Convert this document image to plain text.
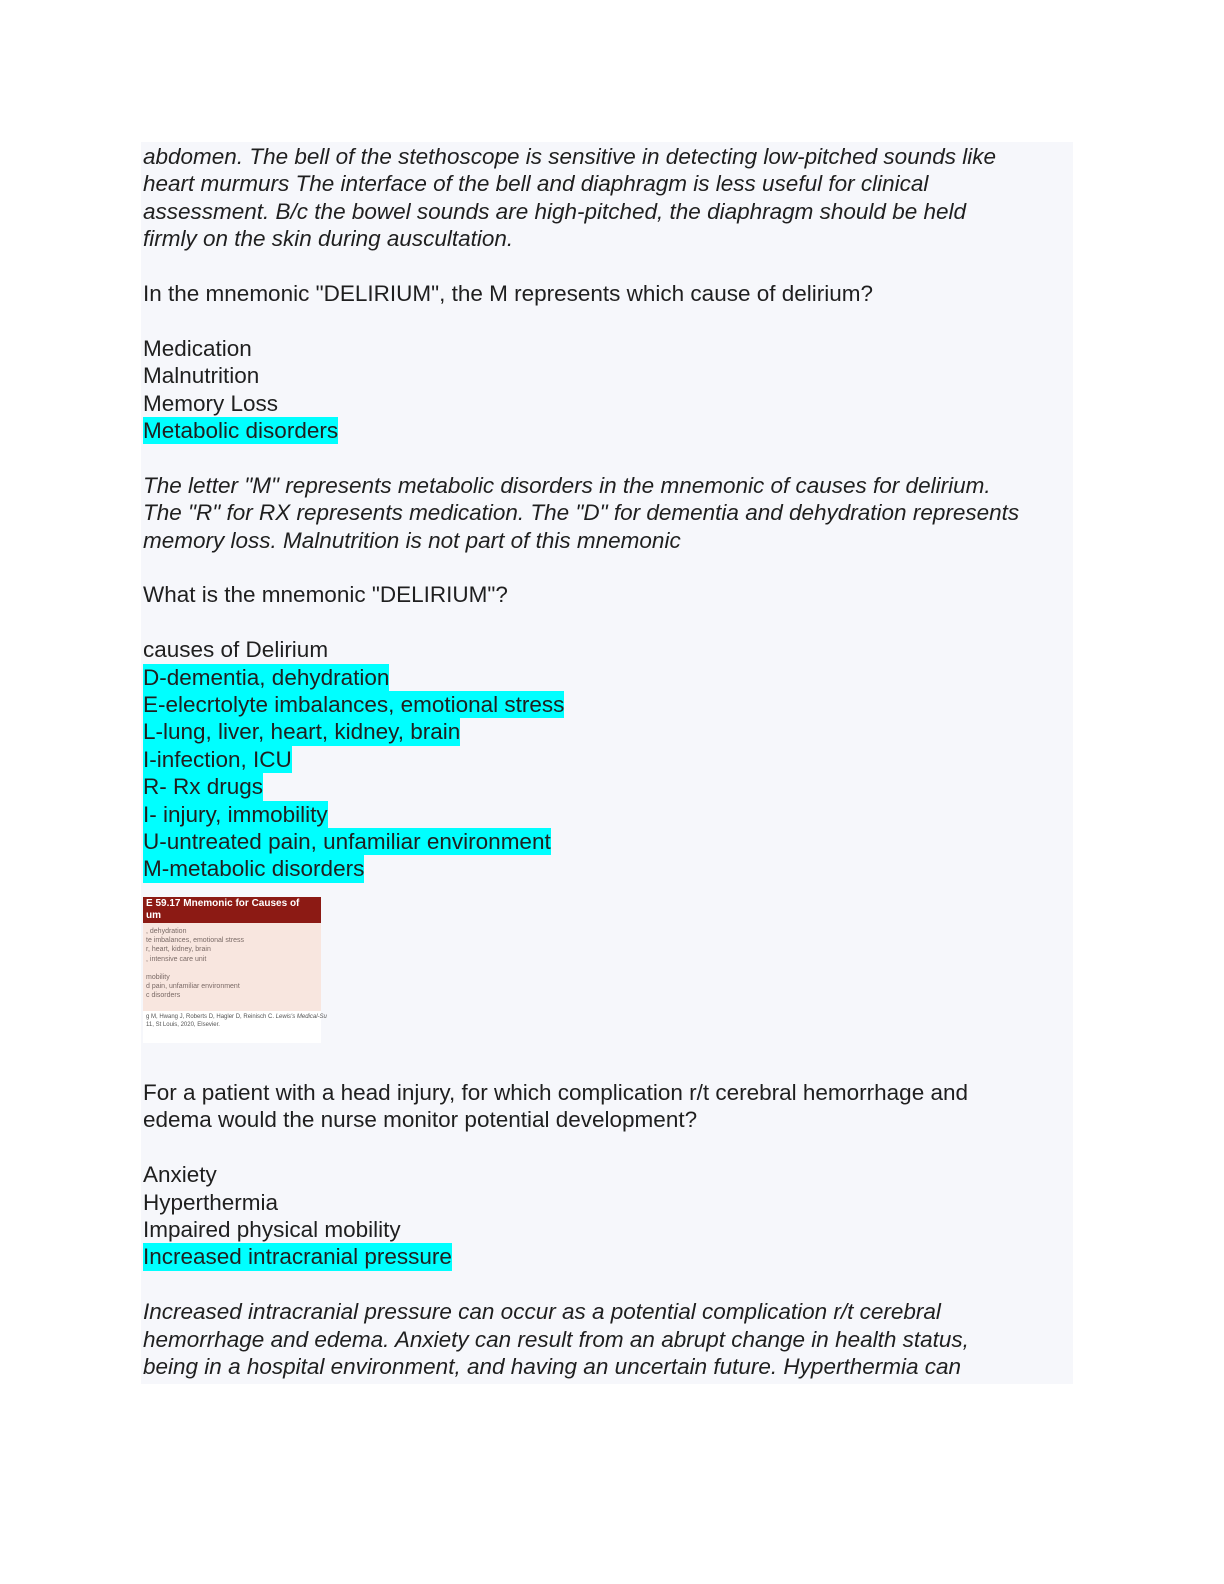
abdomen. The bell of the stethoscope is sensitive in detecting low-pitched sounds like
heart murmurs The interface of the bell and diaphragm is less useful for clinical
assessment. B/c the bowel sounds are high-pitched, the diaphragm should be held
firmly on the skin during auscultation.

In the mnemonic "DELIRIUM", the M represents which cause of delirium?

Medication
Malnutrition
Memory Loss
Metabolic disorders

The letter "M" represents metabolic disorders in the mnemonic of causes for delirium.
The "R" for RX represents medication. The "D" for dementia and dehydration represents
memory loss. Malnutrition is not part of this mnemonic

What is the mnemonic "DELIRIUM"?

causes of Delirium
D-dementia, dehydration
E-elecrtolyte imbalances, emotional stress
L-lung, liver, heart, kidney, brain
I-infection, ICU
R- Rx drugs
I- injury, immobility
U-untreated pain, unfamiliar environment
M-metabolic disorders
E 59.17 Mnemonic for Causes of
um
, dehydration
te imbalances, emotional stress
r, heart, kidney, brain
, intensive care unit

mobility
d pain, unfamiliar environment
c disorders
g M, Hwang J, Roberts D, Hagler D, Reinisch C. Lewis's Medical-Su
11, St Louis, 2020, Elsevier.

For a patient with a head injury, for which complication r/t cerebral hemorrhage and
edema would the nurse monitor potential development?

Anxiety
Hyperthermia
Impaired physical mobility
Increased intracranial pressure

Increased intracranial pressure can occur as a potential complication r/t cerebral
hemorrhage and edema. Anxiety can result from an abrupt change in health status,
being in a hospital environment, and having an uncertain future. Hyperthermia can
